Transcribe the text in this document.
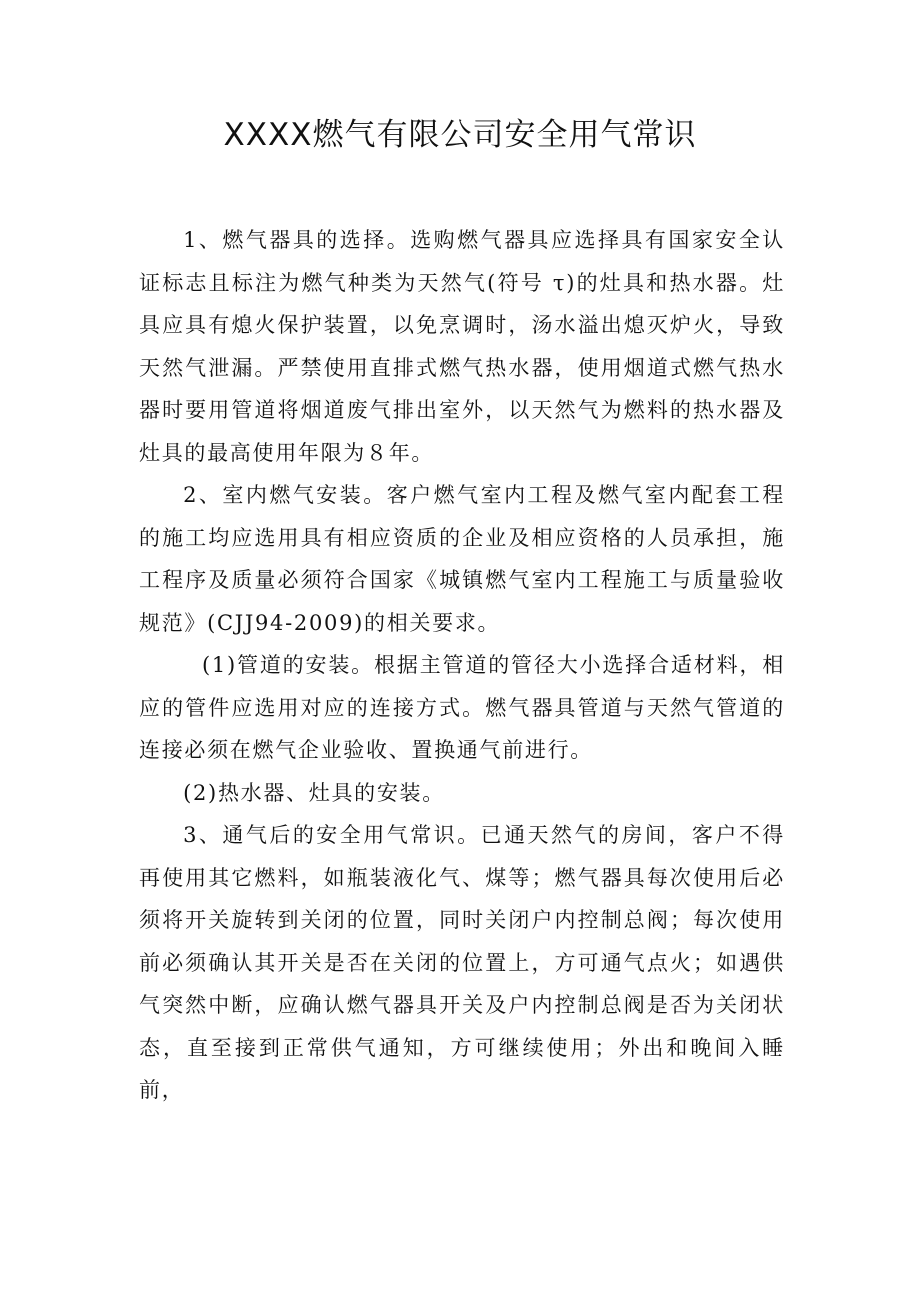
XXXX燃气有限公司安全用气常识

1、燃气器具的选择。选购燃气器具应选择具有国家安全认证标志且标注为燃气种类为天然气(符号 τ)的灶具和热水器。灶具应具有熄火保护装置，以免烹调时，汤水溢出熄灭炉火，导致天然气泄漏。严禁使用直排式燃气热水器，使用烟道式燃气热水器时要用管道将烟道废气排出室外，以天然气为燃料的热水器及灶具的最高使用年限为８年。

2、室内燃气安装。客户燃气室内工程及燃气室内配套工程的施工均应选用具有相应资质的企业及相应资格的人员承担，施工程序及质量必须符合国家《城镇燃气室内工程施工与质量验收规范》(CJJ94-2009)的相关要求。

(1)管道的安装。根据主管道的管径大小选择合适材料，相应的管件应选用对应的连接方式。燃气器具管道与天然气管道的连接必须在燃气企业验收、置换通气前进行。

(2)热水器、灶具的安装。

3、通气后的安全用气常识。已通天然气的房间，客户不得再使用其它燃料，如瓶装液化气、煤等；燃气器具每次使用后必须将开关旋转到关闭的位置，同时关闭户内控制总阀；每次使用前必须确认其开关是否在关闭的位置上，方可通气点火；如遇供气突然中断，应确认燃气器具开关及户内控制总阀是否为关闭状态，直至接到正常供气通知，方可继续使用；外出和晚间入睡前，
